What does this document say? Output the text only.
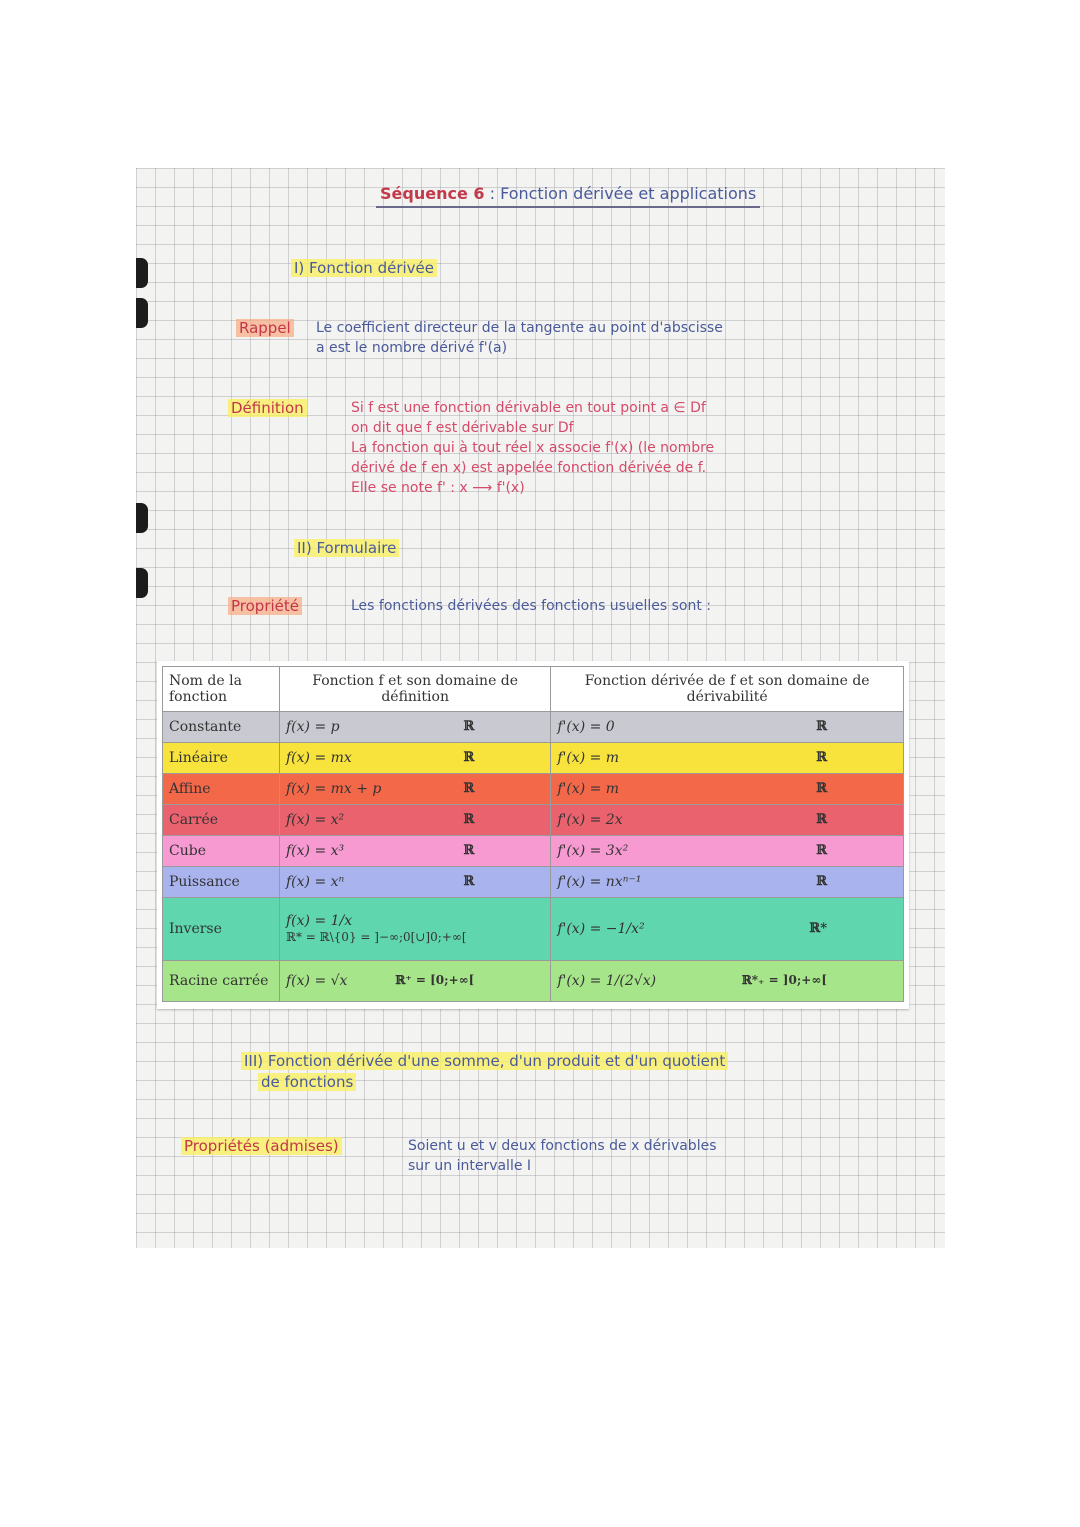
Séquence 6 : Fonction dérivée et applications
I) Fonction dérivée
Rappel Le coefficient directeur de la tangente au point d'abscisse
a est le nombre dérivé f'(a)
Définition	Si f est une fonction dérivable en tout point a ∈ Df
on dit que f est dérivable sur Df
La fonction qui à tout réel x associe f'(x) (le nombre
dérivé de f en x) est appelée fonction dérivée de f.
Elle se note f' : x ⟶ f'(x)
II) Formulaire
Propriété	Les fonctions dérivées des fonctions usuelles sont :
Nom de la fonction	Fonction f et son domaine de définition	Fonction dérivée de f et son domaine de dérivabilité
Constante	f(x) = p ℝ	f'(x) = 0 ℝ

Linéaire	f(x) = mx ℝ	f'(x) = m ℝ

Affine	f(x) = mx + p ℝ	f'(x) = m ℝ

Carrée	f(x) = x² ℝ	f'(x) = 2x ℝ

Cube	f(x) = x³ ℝ	f'(x) = 3x² ℝ

Puissance	f(x) = xⁿ ℝ	f'(x) = nxⁿ⁻¹ ℝ

Inverse	f(x) = 1/x
ℝ* = ℝ\{0} = ]−∞;0[∪]0;+∞[	f'(x) = −1/x² ℝ*

Racine carrée	f(x) = √x ℝ⁺ = [0;+∞[	f'(x) = 1/(2√x) ℝ*₊ = ]0;+∞[
III) Fonction dérivée d'une somme, d'un produit et d'un quotient
de fonctions
Propriétés (admises)	Soient u et v deux fonctions de x dérivables
sur un intervalle I
